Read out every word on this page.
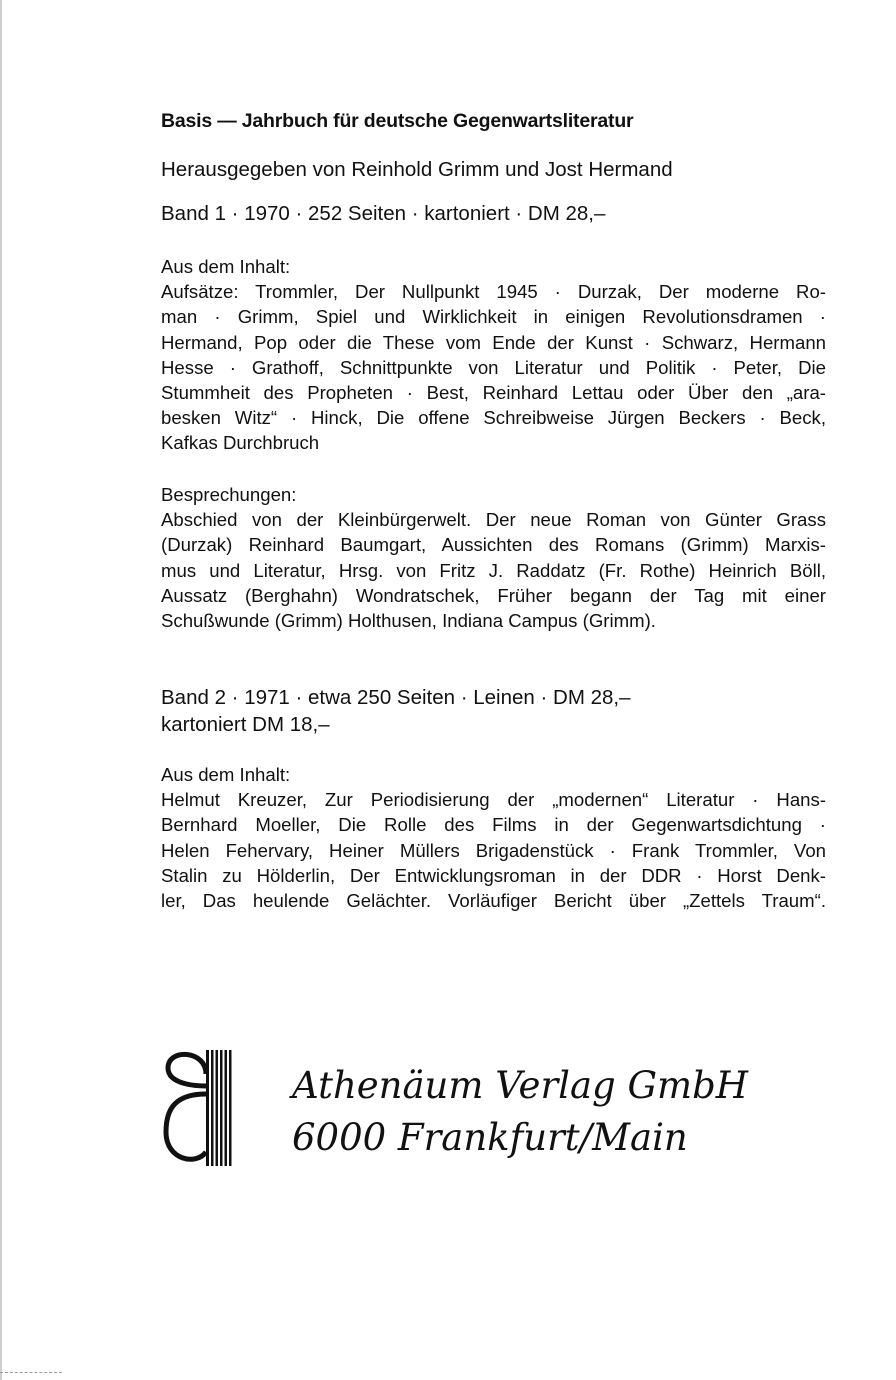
Basis — Jahrbuch für deutsche Gegenwartsliteratur
Herausgegeben von Reinhold Grimm und Jost Hermand
Band 1 · 1970 · 252 Seiten · kartoniert · DM 28,–
Aus dem Inhalt:
Aufsätze: Trommler, Der Nullpunkt 1945 · Durzak, Der moderne Ro-
man · Grimm, Spiel und Wirklichkeit in einigen Revolutionsdramen ·
Hermand, Pop oder die These vom Ende der Kunst · Schwarz, Hermann
Hesse · Grathoff, Schnittpunkte von Literatur und Politik · Peter, Die
Stummheit des Propheten · Best, Reinhard Lettau oder Über den „ara-
besken Witz“ · Hinck, Die offene Schreibweise Jürgen Beckers · Beck,
Kafkas Durchbruch
Besprechungen:
Abschied von der Kleinbürgerwelt. Der neue Roman von Günter Grass
(Durzak) Reinhard Baumgart, Aussichten des Romans (Grimm) Marxis-
mus und Literatur, Hrsg. von Fritz J. Raddatz (Fr. Rothe) Heinrich Böll,
Aussatz (Berghahn) Wondratschek, Früher begann der Tag mit einer
Schußwunde (Grimm) Holthusen, Indiana Campus (Grimm).
Band 2 · 1971 · etwa 250 Seiten · Leinen · DM 28,–
kartoniert DM 18,–
Aus dem Inhalt:
Helmut Kreuzer, Zur Periodisierung der „modernen“ Literatur · Hans-
Bernhard Moeller, Die Rolle des Films in der Gegenwartsdichtung ·
Helen Fehervary, Heiner Müllers Brigadenstück · Frank Trommler, Von
Stalin zu Hölderlin, Der Entwicklungsroman in der DDR · Horst Denk-
ler, Das heulende Gelächter. Vorläufiger Bericht über „Zettels Traum“.
Athenäum Verlag GmbH
6000 Frankfurt/Main
